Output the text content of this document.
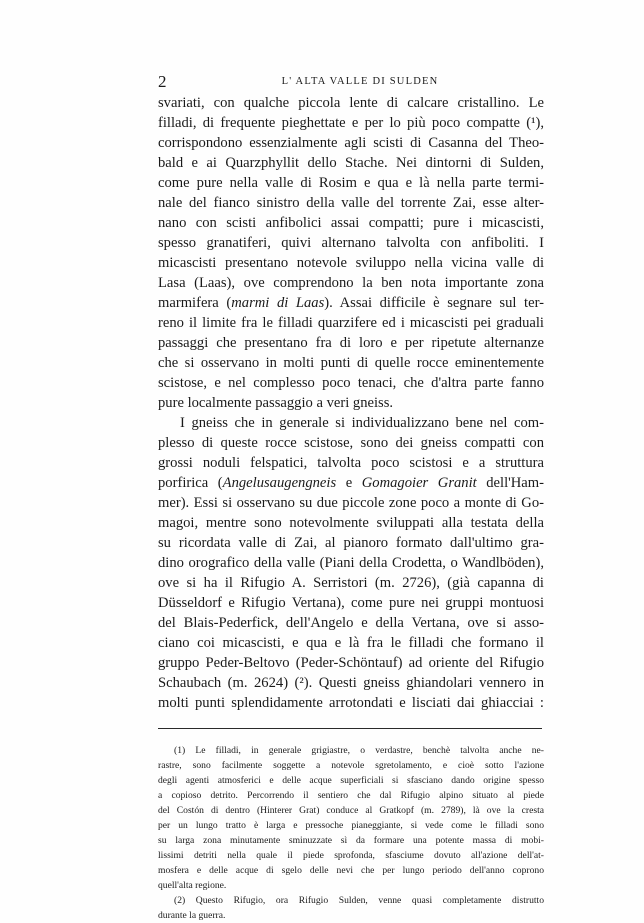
2	L' ALTA VALLE DI SULDEN
svariati, con qualche piccola lente di calcare cristallino. Le
filladi, di frequente pieghettate e per lo più poco compatte (¹),
corrispondono essenzialmente agli scisti di Casanna del Theo-
bald e ai Quarzphyllit dello Stache. Nei dintorni di Sulden,
come pure nella valle di Rosim e qua e là nella parte termi-
nale del fianco sinistro della valle del torrente Zai, esse alter-
nano con scisti anfibolici assai compatti; pure i micascisti,
spesso granatiferi, quivi alternano talvolta con anfiboliti. I
micascisti presentano notevole sviluppo nella vicina valle di
Lasa (Laas), ove comprendono la ben nota importante zona
marmifera (marmi di Laas). Assai difficile è segnare sul ter-
reno il limite fra le filladi quarzifere ed i micascisti pei graduali
passaggi che presentano fra di loro e per ripetute alternanze
che si osservano in molti punti di quelle rocce eminentemente
scistose, e nel complesso poco tenaci, che d'altra parte fanno
pure localmente passaggio a veri gneiss.
I gneiss che in generale si individualizzano bene nel com-
plesso di queste rocce scistose, sono dei gneiss compatti con
grossi noduli felspatici, talvolta poco scistosi e a struttura
porfirica (Angelusaugengneis e Gomagoier Granit dell'Ham-
mer). Essi si osservano su due piccole zone poco a monte di Go-
magoi, mentre sono notevolmente sviluppati alla testata della
su ricordata valle di Zai, al pianoro formato dall'ultimo gra-
dino orografico della valle (Piani della Crodetta, o Wandlböden),
ove si ha il Rifugio A. Serristori (m. 2726), (già capanna di
Düsseldorf e Rifugio Vertana), come pure nei gruppi montuosi
del Blais-Pederfick, dell'Angelo e della Vertana, ove si asso-
ciano coi micascisti, e qua e là fra le filladi che formano il
gruppo Peder-Beltovo (Peder-Schöntauf) ad oriente del Rifugio
Schaubach (m. 2624) (²). Questi gneiss ghiandolari vennero in
molti punti splendidamente arrotondati e lisciati dai ghiacciai :
(1) Le filladi, in generale grigiastre, o verdastre, benchè talvolta anche ne-
rastre, sono facilmente soggette a notevole sgretolamento, e cioè sotto l'azione
degli agenti atmosferici e delle acque superficiali si sfasciano dando origine spesso
a copioso detrito. Percorrendo il sentiero che dal Rifugio alpino situato al piede
del Costón di dentro (Hinterer Grat) conduce al Gratkopf (m. 2789), là ove la cresta
per un lungo tratto è larga e pressoche pianeggiante, si vede come le filladi sono
su larga zona minutamente sminuzzate sì da formare una potente massa di mobi-
lissimi detriti nella quale il piede sprofonda, sfasciume dovuto all'azione dell'at-
mosfera e delle acque di sgelo delle nevi che per lungo periodo dell'anno coprono
quell'alta regione.
(2) Questo Rifugio, ora Rifugio Sulden, venne quasi completamente distrutto
durante la guerra.
